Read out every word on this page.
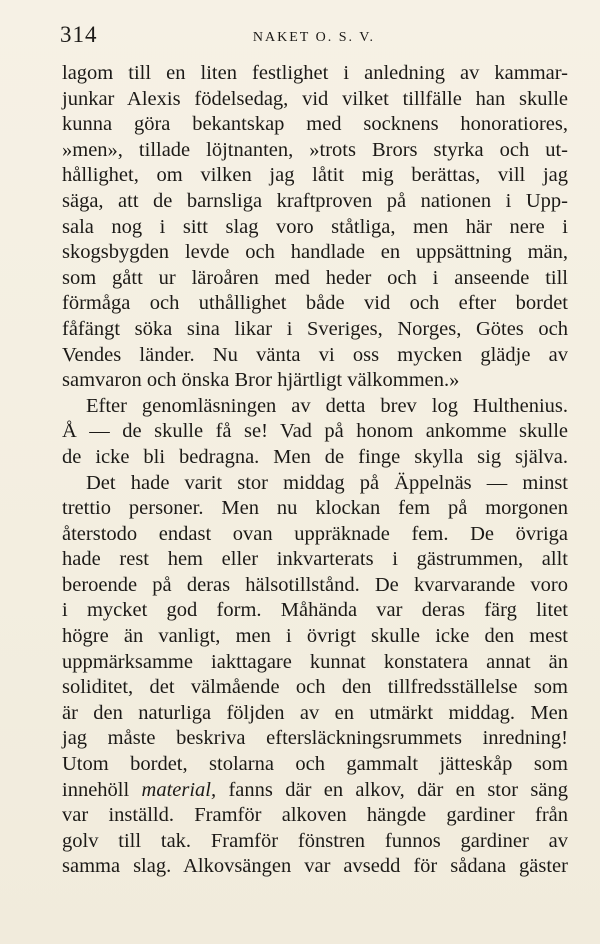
314	NAKET O. S. V.
lagom till en liten festlighet i anledning av kammar-
junkar Alexis födelsedag, vid vilket tillfälle han skulle
kunna göra bekantskap med socknens honoratiores,
»men», tillade löjtnanten, »trots Brors styrka och ut-
hållighet, om vilken jag låtit mig berättas, vill jag
säga, att de barnsliga kraftproven på nationen i Upp-
sala nog i sitt slag voro ståtliga, men här nere i
skogsbygden levde och handlade en uppsättning män,
som gått ur läroåren med heder och i anseende till
förmåga och uthållighet både vid och efter bordet
fåfängt söka sina likar i Sveriges, Norges, Götes och
Vendes länder. Nu vänta vi oss mycken glädje av
samvaron och önska Bror hjärtligt välkommen.»
Efter genomläsningen av detta brev log Hulthenius.
Å — de skulle få se! Vad på honom ankomme skulle
de icke bli bedragna. Men de finge skylla sig själva.
Det hade varit stor middag på Äppelnäs — minst
trettio personer. Men nu klockan fem på morgonen
återstodo endast ovan uppräknade fem. De övriga
hade rest hem eller inkvarterats i gästrummen, allt
beroende på deras hälsotillstånd. De kvarvarande voro
i mycket god form. Måhända var deras färg litet
högre än vanligt, men i övrigt skulle icke den mest
uppmärksamme iakttagare kunnat konstatera annat än
soliditet, det välmående och den tillfredsställelse som
är den naturliga följden av en utmärkt middag. Men
jag måste beskriva eftersläckningsrummets inredning!
Utom bordet, stolarna och gammalt jätteskåp som
innehöll material, fanns där en alkov, där en stor säng
var inställd. Framför alkoven hängde gardiner från
golv till tak. Framför fönstren funnos gardiner av
samma slag. Alkovsängen var avsedd för sådana gäster
